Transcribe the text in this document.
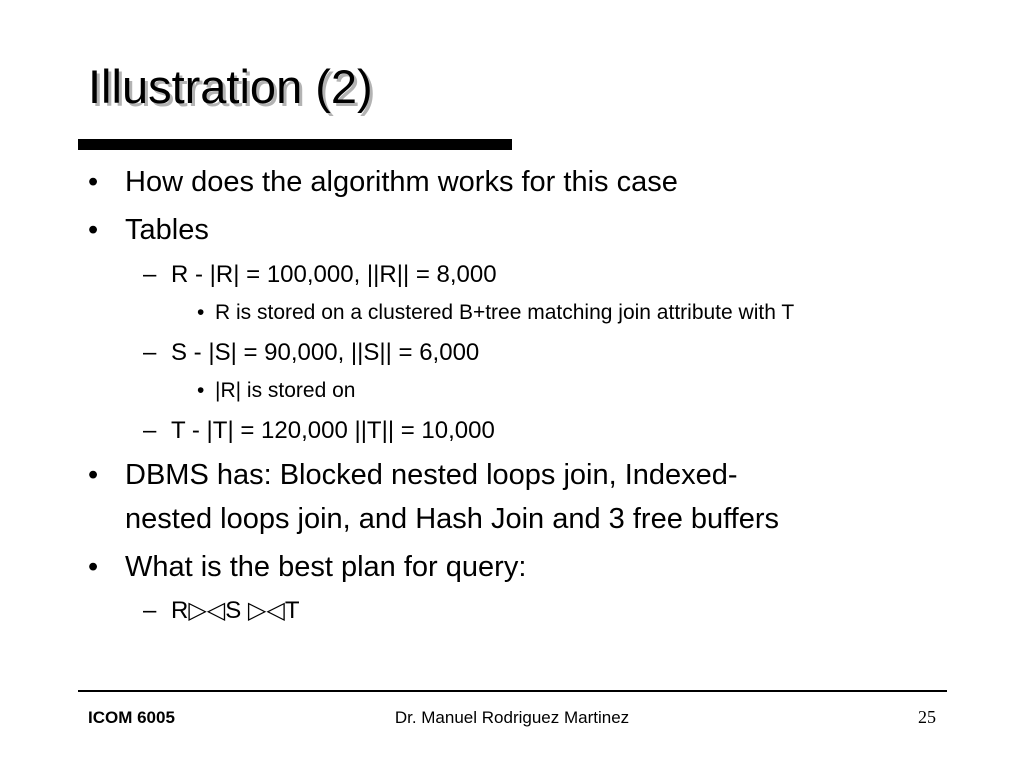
Illustration (2)
• How does the algorithm works for this case
• Tables
– R - |R| = 100,000, ||R|| = 8,000
• R is stored on a clustered B+tree matching join attribute with T
– S - |S| = 90,000, ||S|| = 6,000
• |R| is stored on
– T - |T| = 120,000 ||T|| = 10,000
• DBMS has: Blocked nested loops join, Indexed-
nested loops join, and Hash Join and 3 free buffers
• What is the best plan for query:
– R▷◁S ▷◁T
ICOM 6005	Dr. Manuel Rodriguez Martinez	25
